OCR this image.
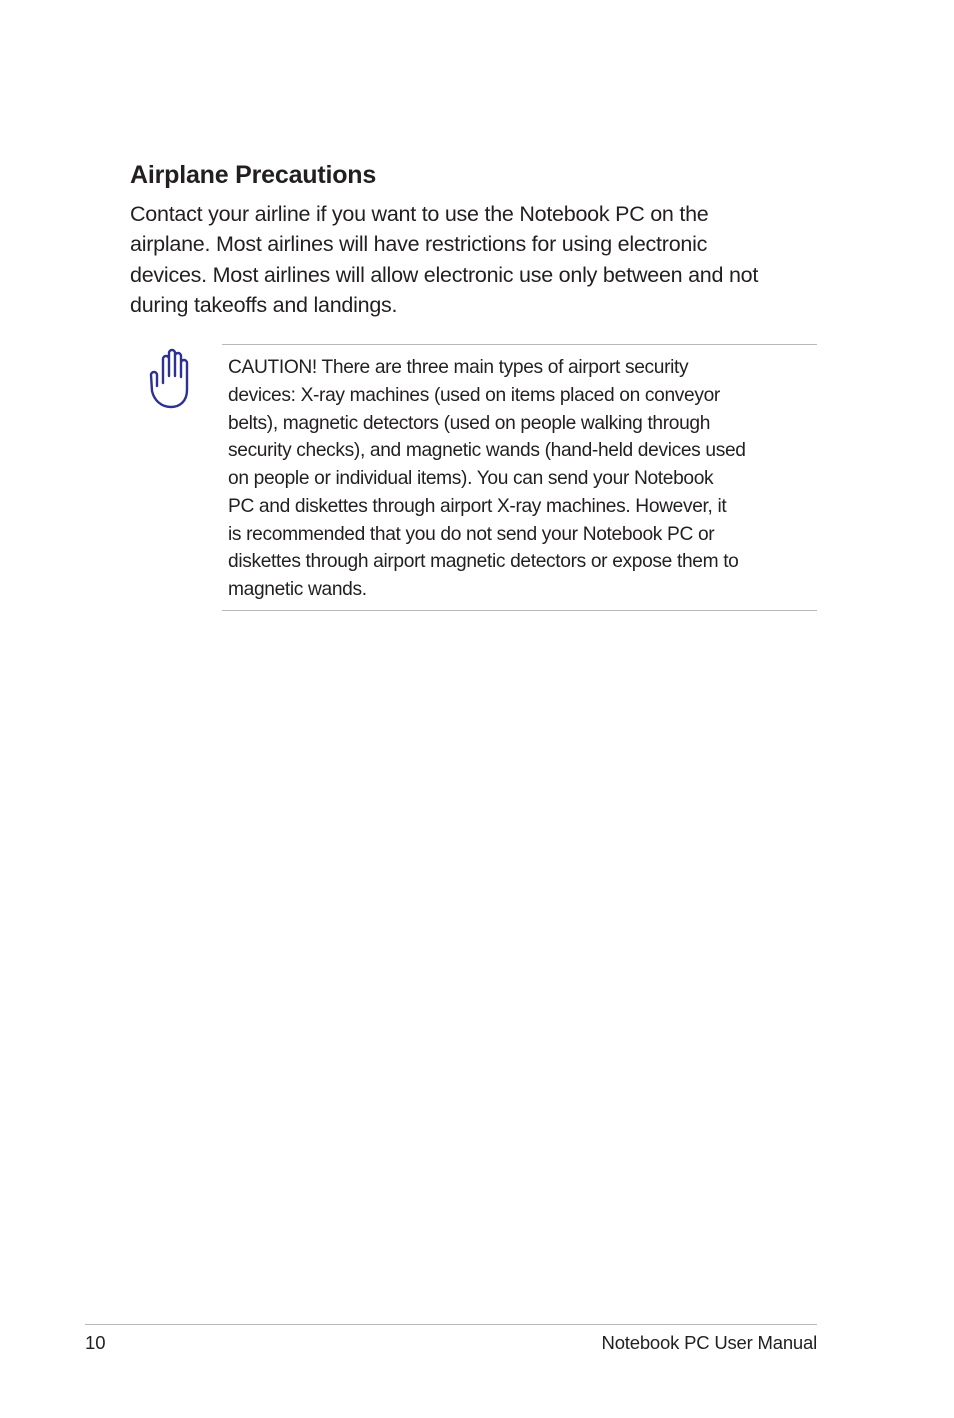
Airplane Precautions

Contact your airline if you want to use the Notebook PC on the
airplane. Most airlines will have restrictions for using electronic
devices. Most airlines will allow electronic use only between and not
during takeoffs and landings.

CAUTION! There are three main types of airport security
devices: X-ray machines (used on items placed on conveyor
belts), magnetic detectors (used on people walking through
security checks), and magnetic wands (hand-held devices used
on people or individual items). You can send your Notebook
PC and diskettes through airport X-ray machines. However, it
is recommended that you do not send your Notebook PC or
diskettes through airport magnetic detectors or expose them to
magnetic wands.

10	Notebook PC User Manual
